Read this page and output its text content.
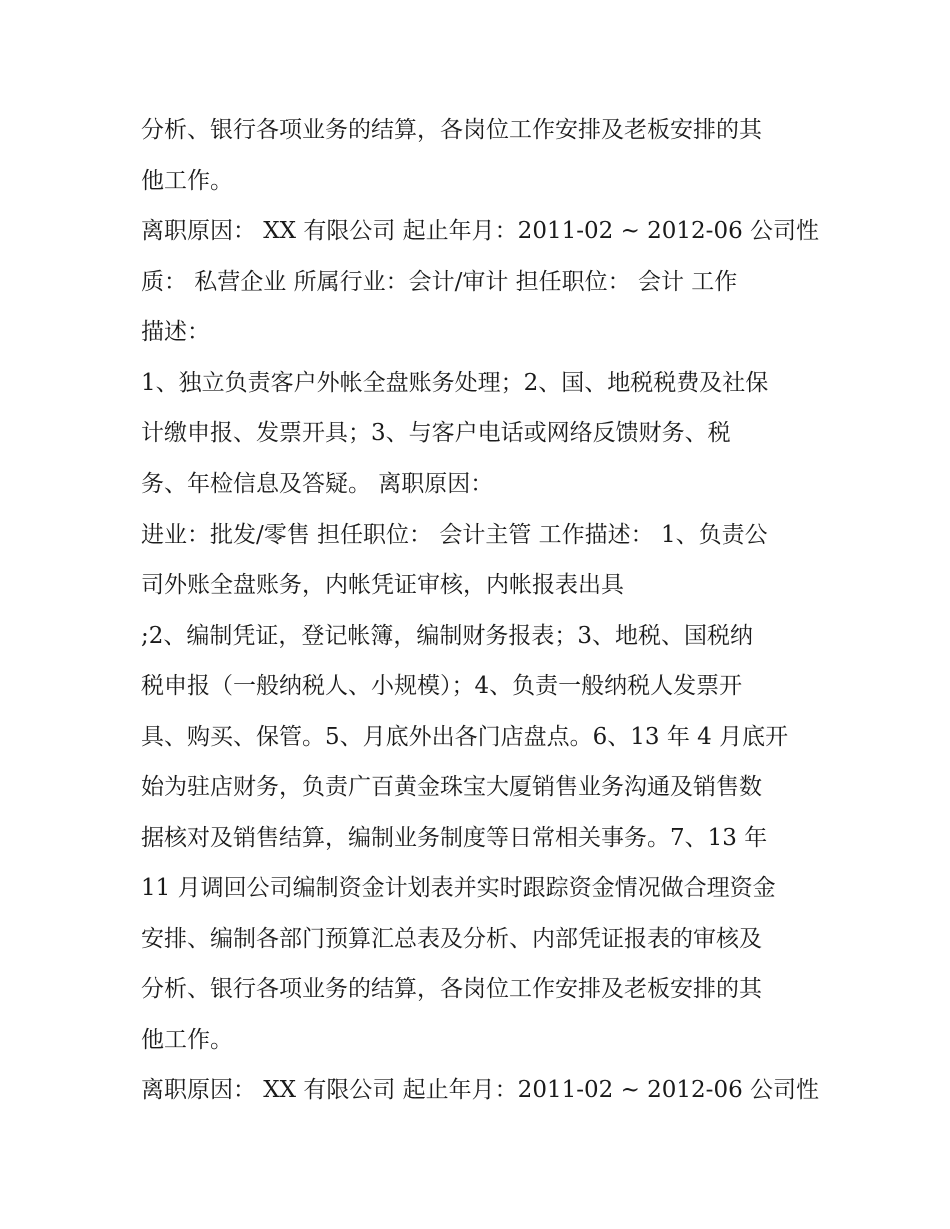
分析、银行各项业务的结算，各岗位工作安排及老板安排的其

他工作。

离职原因： XX 有限公司 起止年月：2011-02 ~ 2012-06 公司性

质： 私营企业 所属行业：会计/审计 担任职位： 会计 工作

描述：

1、独立负责客户外帐全盘账务处理；2、国、地税税费及社保

计缴申报、发票开具；3、与客户电话或网络反馈财务、税

务、年检信息及答疑。 离职原因：

进业：批发/零售 担任职位： 会计主管 工作描述： 1、负责公

司外账全盘账务，内帐凭证审核，内帐报表出具

;2、编制凭证，登记帐簿，编制财务报表；3、地税、国税纳

税申报（一般纳税人、小规模）；4、负责一般纳税人发票开

具、购买、保管。5、月底外出各门店盘点。6、13 年 4 月底开

始为驻店财务，负责广百黄金珠宝大厦销售业务沟通及销售数

据核对及销售结算，编制业务制度等日常相关事务。7、13 年

11 月调回公司编制资金计划表并实时跟踪资金情况做合理资金

安排、编制各部门预算汇总表及分析、内部凭证报表的审核及

分析、银行各项业务的结算，各岗位工作安排及老板安排的其

他工作。

离职原因： XX 有限公司 起止年月：2011-02 ~ 2012-06 公司性
